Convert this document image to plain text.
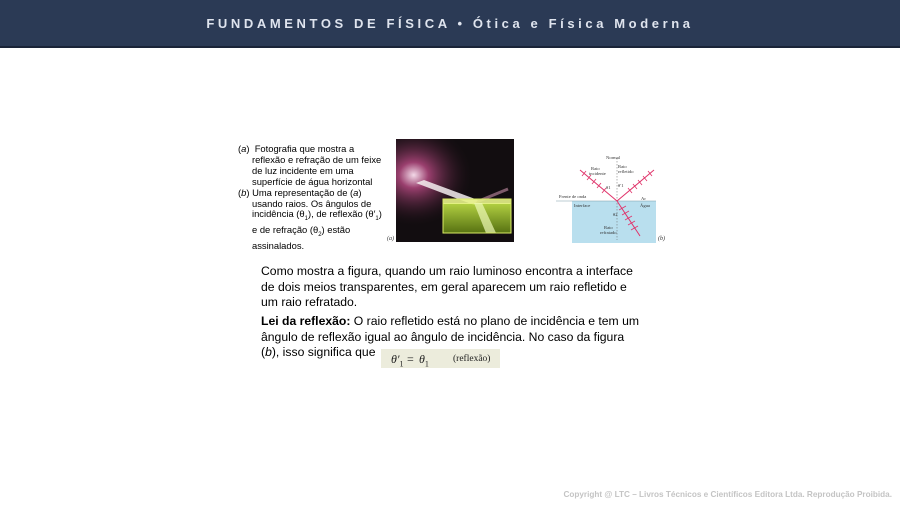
FUNDAMENTOS DE FÍSICA • Ótica e Física Moderna

(a)  Fotografia que mostra a reflexão e refração de um feixe de luz incidente em uma superfície de água horizontal

(b) Uma representação de (a) usando raios. Os ângulos de incidência $(\theta_1)$, de reflexão $(\theta'_1)$ e de refração $(\theta_2)$ estão assinalados.

(a)
Normal
Raio
incidente
Raio
refletido
Frente de onda
Interface
Ar
Água
Raio
refratado
θ1 θ′1
θ2
(b)
Como mostra a figura, quando um raio luminoso encontra a interface de dois meios transparentes, em geral aparecem um raio refletido e um raio refratado.
Lei da reflexão: O raio refletido está no plano de incidência e tem um ângulo de reflexão igual ao ângulo de incidência. No caso da figura (b), isso significa que	$\theta'_1 = \theta_1$	(reflexão)
Copyright @ LTC – Livros Técnicos e Científicos Editora Ltda. Reprodução Proibida.
